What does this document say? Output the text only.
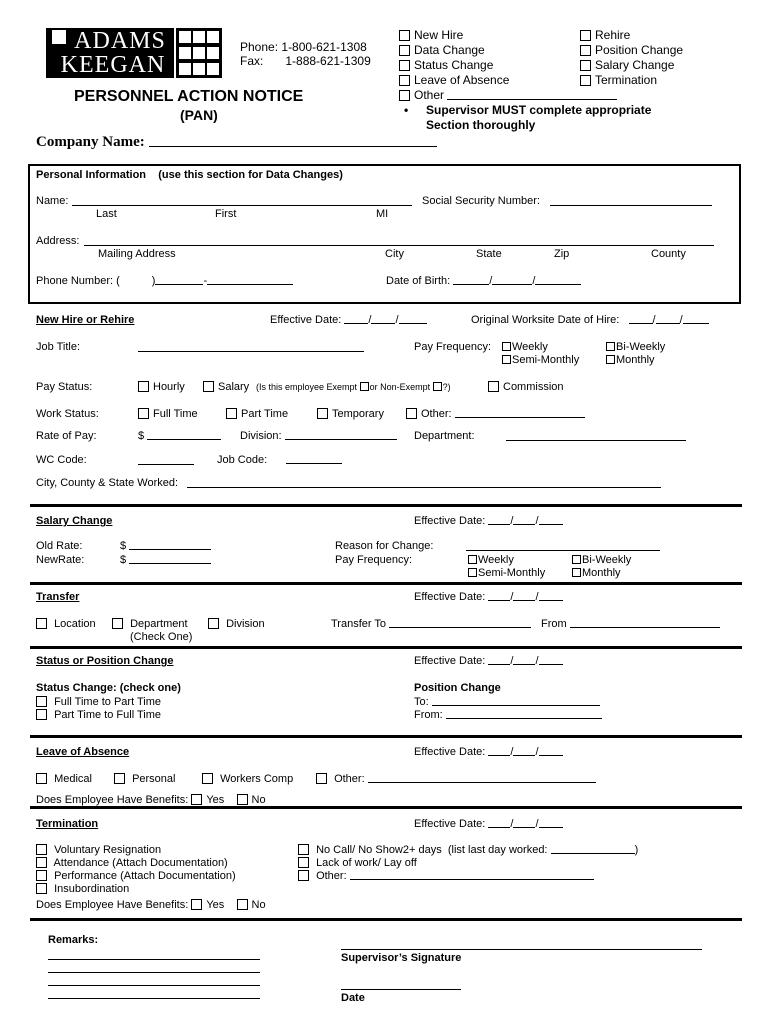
ADAMS
KEEGAN
Phone: 1-800-621-1308
Fax: 1-888-621-1309
PERSONNEL ACTION NOTICE
(PAN)
Company Name:
New Hire
Data Change
Status Change
Leave of Absence
Other
Rehire
Position Change
Salary Change
Termination
• Supervisor MUST complete appropriate
Section thoroughly
Personal Information (use this section for Data Changes)
Name:
Last	First	MI
Social Security Number:
Address:
Mailing Address	City	State	Zip	County
Phone Number: (	)	-	Date of Birth:	/	/
New Hire or Rehire	Effective Date: / /	Original Worksite Date of Hire:	/ /
Job Title:	Pay Frequency:	Weekly	Bi-Weekly
Semi-Monthly	Monthly
Pay Status:	Hourly	Salary (Is this employee Exempt or Non-Exempt ?)	Commission
Work Status:	Full Time	Part Time	Temporary	Other:
Rate of Pay:	$	Division:	Department:
WC Code:	Job Code:
City, County & State Worked:
Salary Change	Effective Date: / /
Old Rate:	$
NewRate:	$
Reason for Change:
Pay Frequency:	Weekly	Bi-Weekly
Semi-Monthly	Monthly
Transfer	Effective Date: / /
Location	Department
(Check One)
Division	Transfer To	From
Status or Position Change	Effective Date: / /
Status Change: (check one)
Full Time to Part Time
Part Time to Full Time
Position Change
To:
From:
Leave of Absence	Effective Date: / /
Medical	Personal	Workers Comp	Other:
Does Employee Have Benefits: Yes No
Termination	Effective Date: / /
Voluntary Resignation
Attendance (Attach Documentation)
Performance (Attach Documentation)
Insubordination
No Call/ No Show2+ days (list last day worked:	)
Lack of work/ Lay off
Other:
Does Employee Have Benefits: Yes No
Remarks:
Supervisor’s Signature
Date
